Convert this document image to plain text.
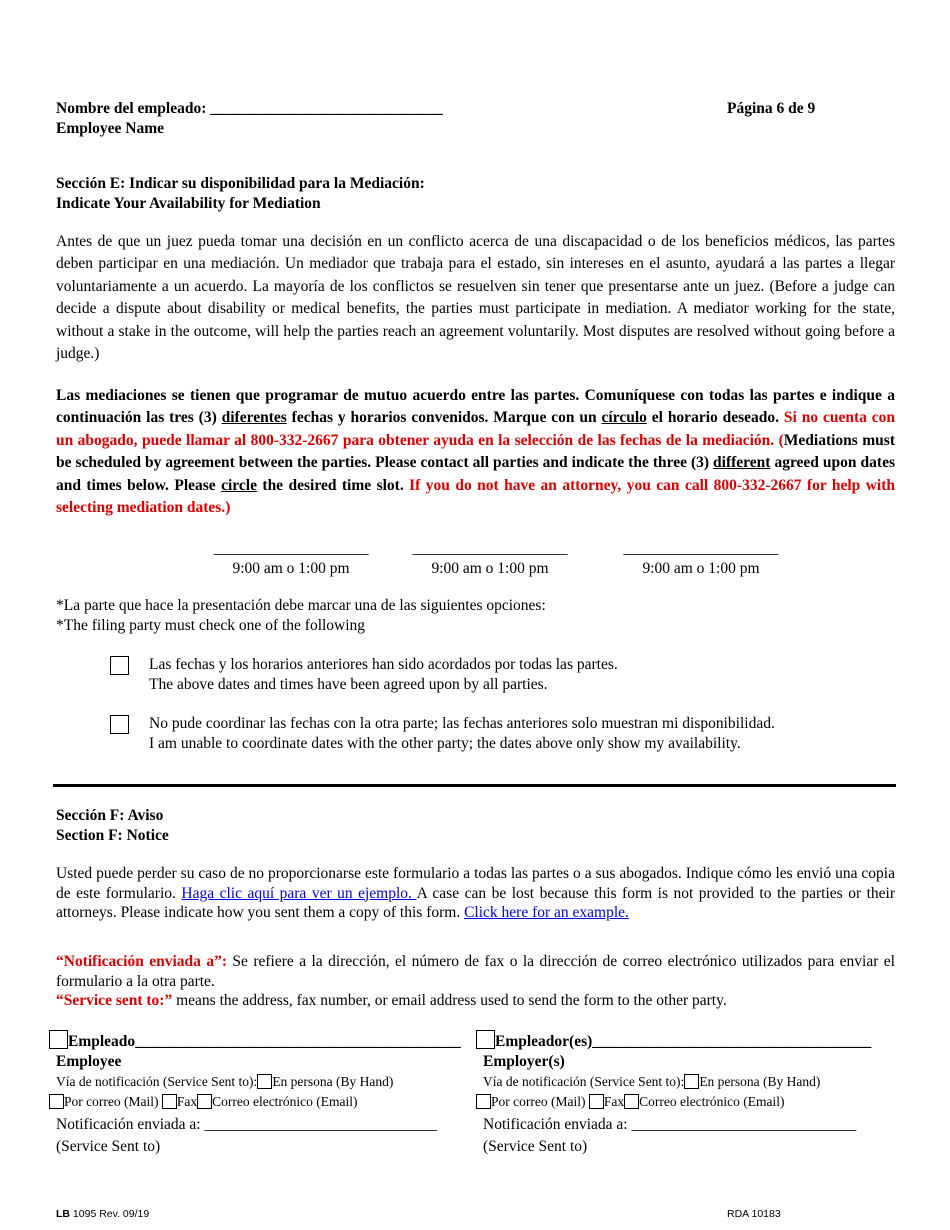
Nombre del empleado: ______________________________
Employee Name
Página 6 de 9
Sección E: Indicar su disponibilidad para la Mediación:
Indicate Your Availability for Mediation
Antes de que un juez pueda tomar una decisión en un conflicto acerca de una discapacidad o de los beneficios médicos, las partes deben participar en una mediación. Un mediador que trabaja para el estado, sin intereses en el asunto, ayudará a las partes a llegar voluntariamente a un acuerdo. La mayoría de los conflictos se resuelven sin tener que presentarse ante un juez. (Before a judge can decide a dispute about disability or medical benefits, the parties must participate in mediation. A mediator working for the state, without a stake in the outcome, will help the parties reach an agreement voluntarily. Most disputes are resolved without going before a judge.)
Las mediaciones se tienen que programar de mutuo acuerdo entre las partes. Comuníquese con todas las partes e indique a continuación las tres (3) diferentes fechas y horarios convenidos. Marque con un círculo el horario deseado. Si no cuenta con un abogado, puede llamar al 800-332-2667 para obtener ayuda en la selección de las fechas de la mediación. (Mediations must be scheduled by agreement between the parties. Please contact all parties and indicate the three (3) different agreed upon dates and times below. Please circle the desired time slot. If you do not have an attorney, you can call 800-332-2667 for help with selecting mediation dates.)
____________________
9:00 am o 1:00 pm
____________________
9:00 am o 1:00 pm
____________________
9:00 am o 1:00 pm
*La parte que hace la presentación debe marcar una de las siguientes opciones:
*The filing party must check one of the following
Las fechas y los horarios anteriores han sido acordados por todas las partes.
The above dates and times have been agreed upon by all parties.
No pude coordinar las fechas con la otra parte; las fechas anteriores solo muestran mi disponibilidad.
I am unable to coordinate dates with the other party; the dates above only show my availability.
Sección F: Aviso
Section F: Notice
Usted puede perder su caso de no proporcionarse este formulario a todas las partes o a sus abogados. Indique cómo les envió una copia de este formulario. Haga clic aquí para ver un ejemplo. A case can be lost because this form is not provided to the parties or their attorneys. Please indicate how you sent them a copy of this form. Click here for an example.
“Notificación enviada a”: Se refiere a la dirección, el número de fax o la dirección de correo electrónico utilizados para enviar el formulario a la otra parte.
“Service sent to:” means the address, fax number, or email address used to send the form to the other party.
Empleado__________________________________________
Employee
Vía de notificación (Service Sent to): En persona (By Hand)
Por correo (Mail) Fax Correo electrónico (Email)
Notificación enviada a: ______________________________
(Service Sent to)
Empleador(es)____________________________________
Employer(s)
Vía de notificación (Service Sent to): En persona (By Hand)
Por correo (Mail) Fax Correo electrónico (Email)
Notificación enviada a: _____________________________
(Service Sent to)
LB 1095 Rev. 09/19	RDA 10183
